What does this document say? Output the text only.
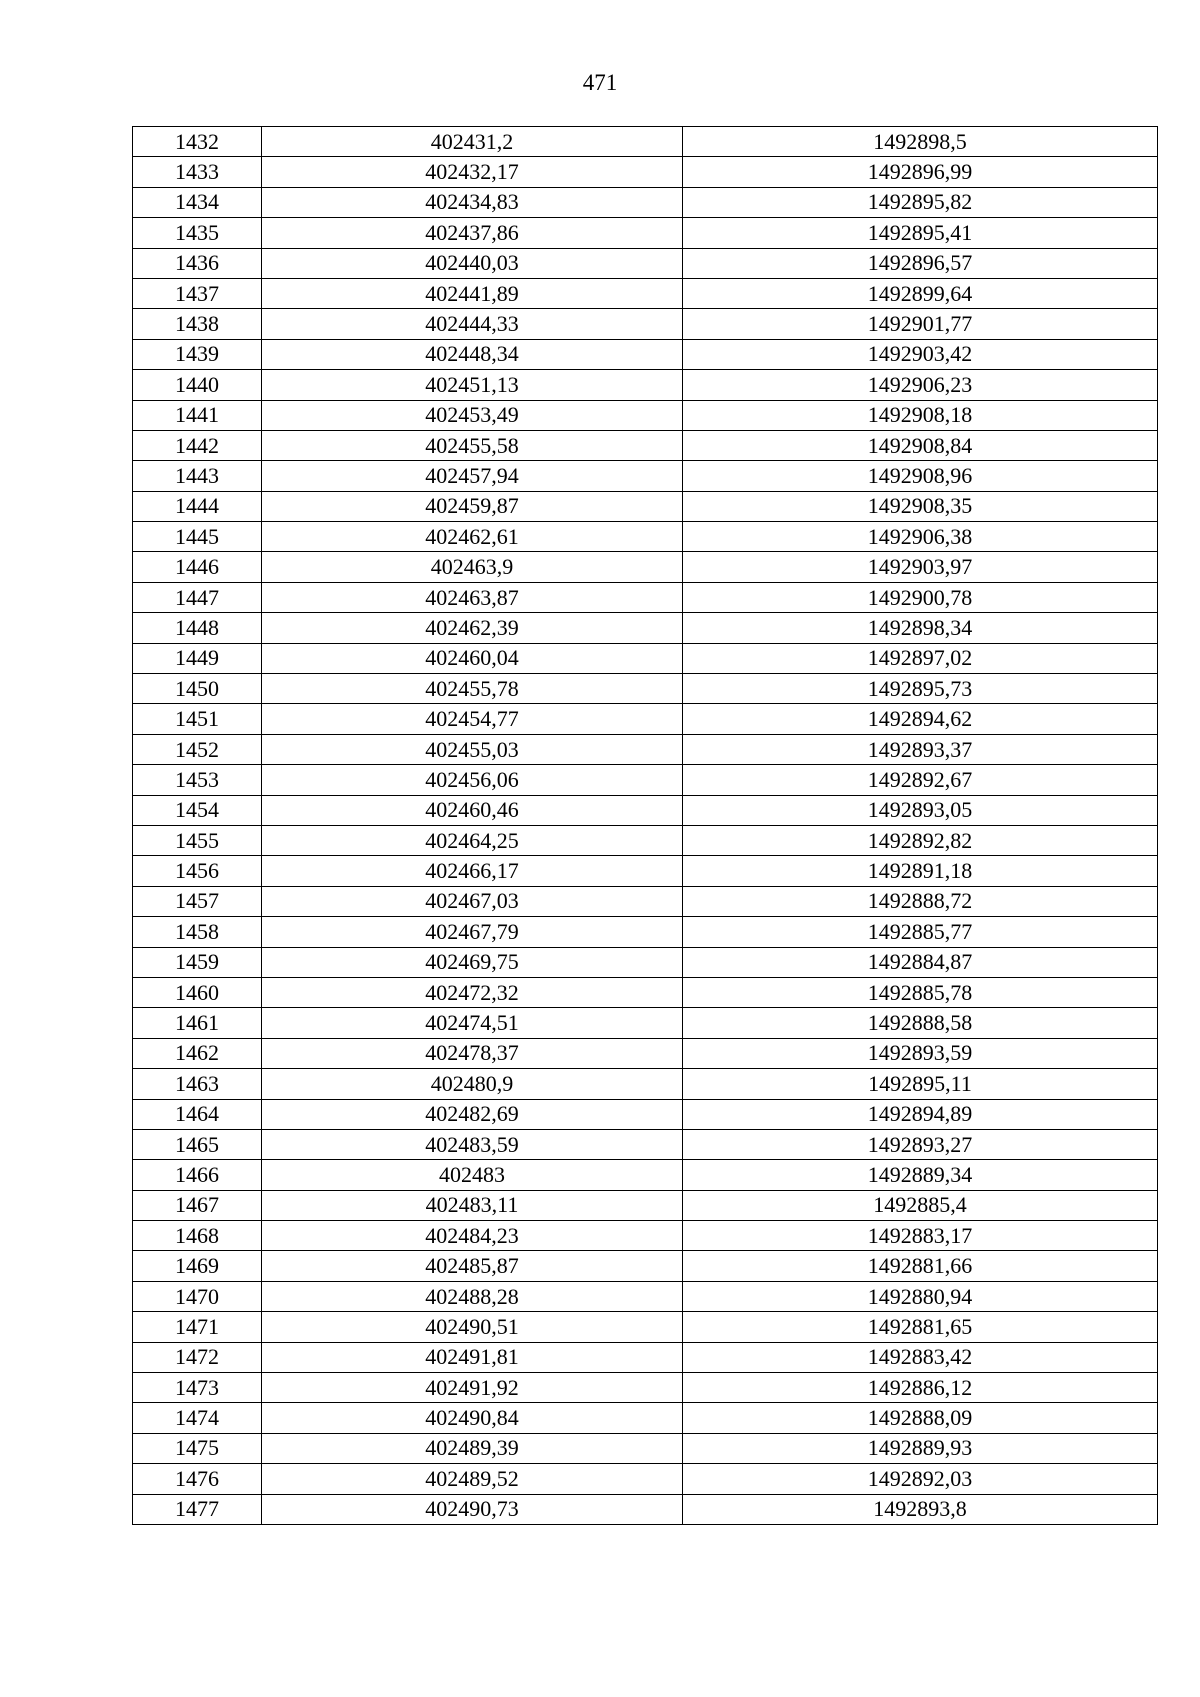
471
1432	402431,2	1492898,5
1433	402432,17	1492896,99
1434	402434,83	1492895,82
1435	402437,86	1492895,41
1436	402440,03	1492896,57
1437	402441,89	1492899,64
1438	402444,33	1492901,77
1439	402448,34	1492903,42
1440	402451,13	1492906,23
1441	402453,49	1492908,18
1442	402455,58	1492908,84
1443	402457,94	1492908,96
1444	402459,87	1492908,35
1445	402462,61	1492906,38
1446	402463,9	1492903,97
1447	402463,87	1492900,78
1448	402462,39	1492898,34
1449	402460,04	1492897,02
1450	402455,78	1492895,73
1451	402454,77	1492894,62
1452	402455,03	1492893,37
1453	402456,06	1492892,67
1454	402460,46	1492893,05
1455	402464,25	1492892,82
1456	402466,17	1492891,18
1457	402467,03	1492888,72
1458	402467,79	1492885,77
1459	402469,75	1492884,87
1460	402472,32	1492885,78
1461	402474,51	1492888,58
1462	402478,37	1492893,59
1463	402480,9	1492895,11
1464	402482,69	1492894,89
1465	402483,59	1492893,27
1466	402483	1492889,34
1467	402483,11	1492885,4
1468	402484,23	1492883,17
1469	402485,87	1492881,66
1470	402488,28	1492880,94
1471	402490,51	1492881,65
1472	402491,81	1492883,42
1473	402491,92	1492886,12
1474	402490,84	1492888,09
1475	402489,39	1492889,93
1476	402489,52	1492892,03
1477	402490,73	1492893,8
